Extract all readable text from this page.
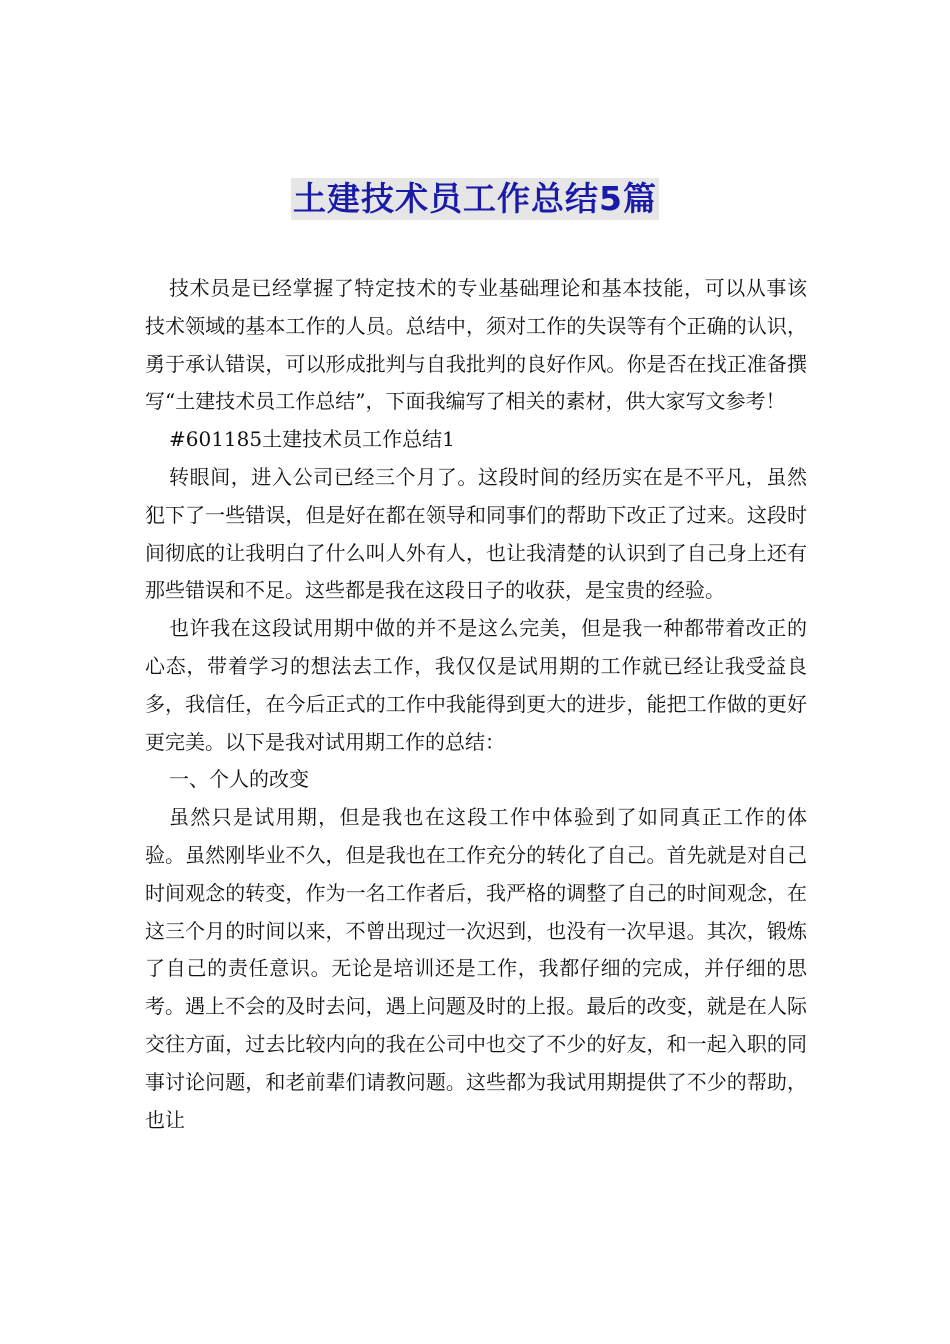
土建技术员工作总结5篇

技术员是已经掌握了特定技术的专业基础理论和基本技能，可以从事该技术领域的基本工作的人员。总结中，须对工作的失误等有个正确的认识，勇于承认错误，可以形成批判与自我批判的良好作风。你是否在找正准备撰写“土建技术员工作总结”，下面我编写了相关的素材，供大家写文参考！

#601185土建技术员工作总结1

转眼间，进入公司已经三个月了。这段时间的经历实在是不平凡，虽然犯下了一些错误，但是好在都在领导和同事们的帮助下改正了过来。这段时间彻底的让我明白了什么叫人外有人，也让我清楚的认识到了自己身上还有那些错误和不足。这些都是我在这段日子的收获，是宝贵的经验。

也许我在这段试用期中做的并不是这么完美，但是我一种都带着改正的心态，带着学习的想法去工作，我仅仅是试用期的工作就已经让我受益良多，我信任，在今后正式的工作中我能得到更大的进步，能把工作做的更好更完美。以下是我对试用期工作的总结：

一、个人的改变

虽然只是试用期，但是我也在这段工作中体验到了如同真正工作的体验。虽然刚毕业不久，但是我也在工作充分的转化了自己。首先就是对自己时间观念的转变，作为一名工作者后，我严格的调整了自己的时间观念，在这三个月的时间以来，不曾出现过一次迟到，也没有一次早退。其次，锻炼了自己的责任意识。无论是培训还是工作，我都仔细的完成，并仔细的思考。遇上不会的及时去问，遇上问题及时的上报。最后的改变，就是在人际交往方面，过去比较内向的我在公司中也交了不少的好友，和一起入职的同事讨论问题，和老前辈们请教问题。这些都为我试用期提供了不少的帮助，也让
